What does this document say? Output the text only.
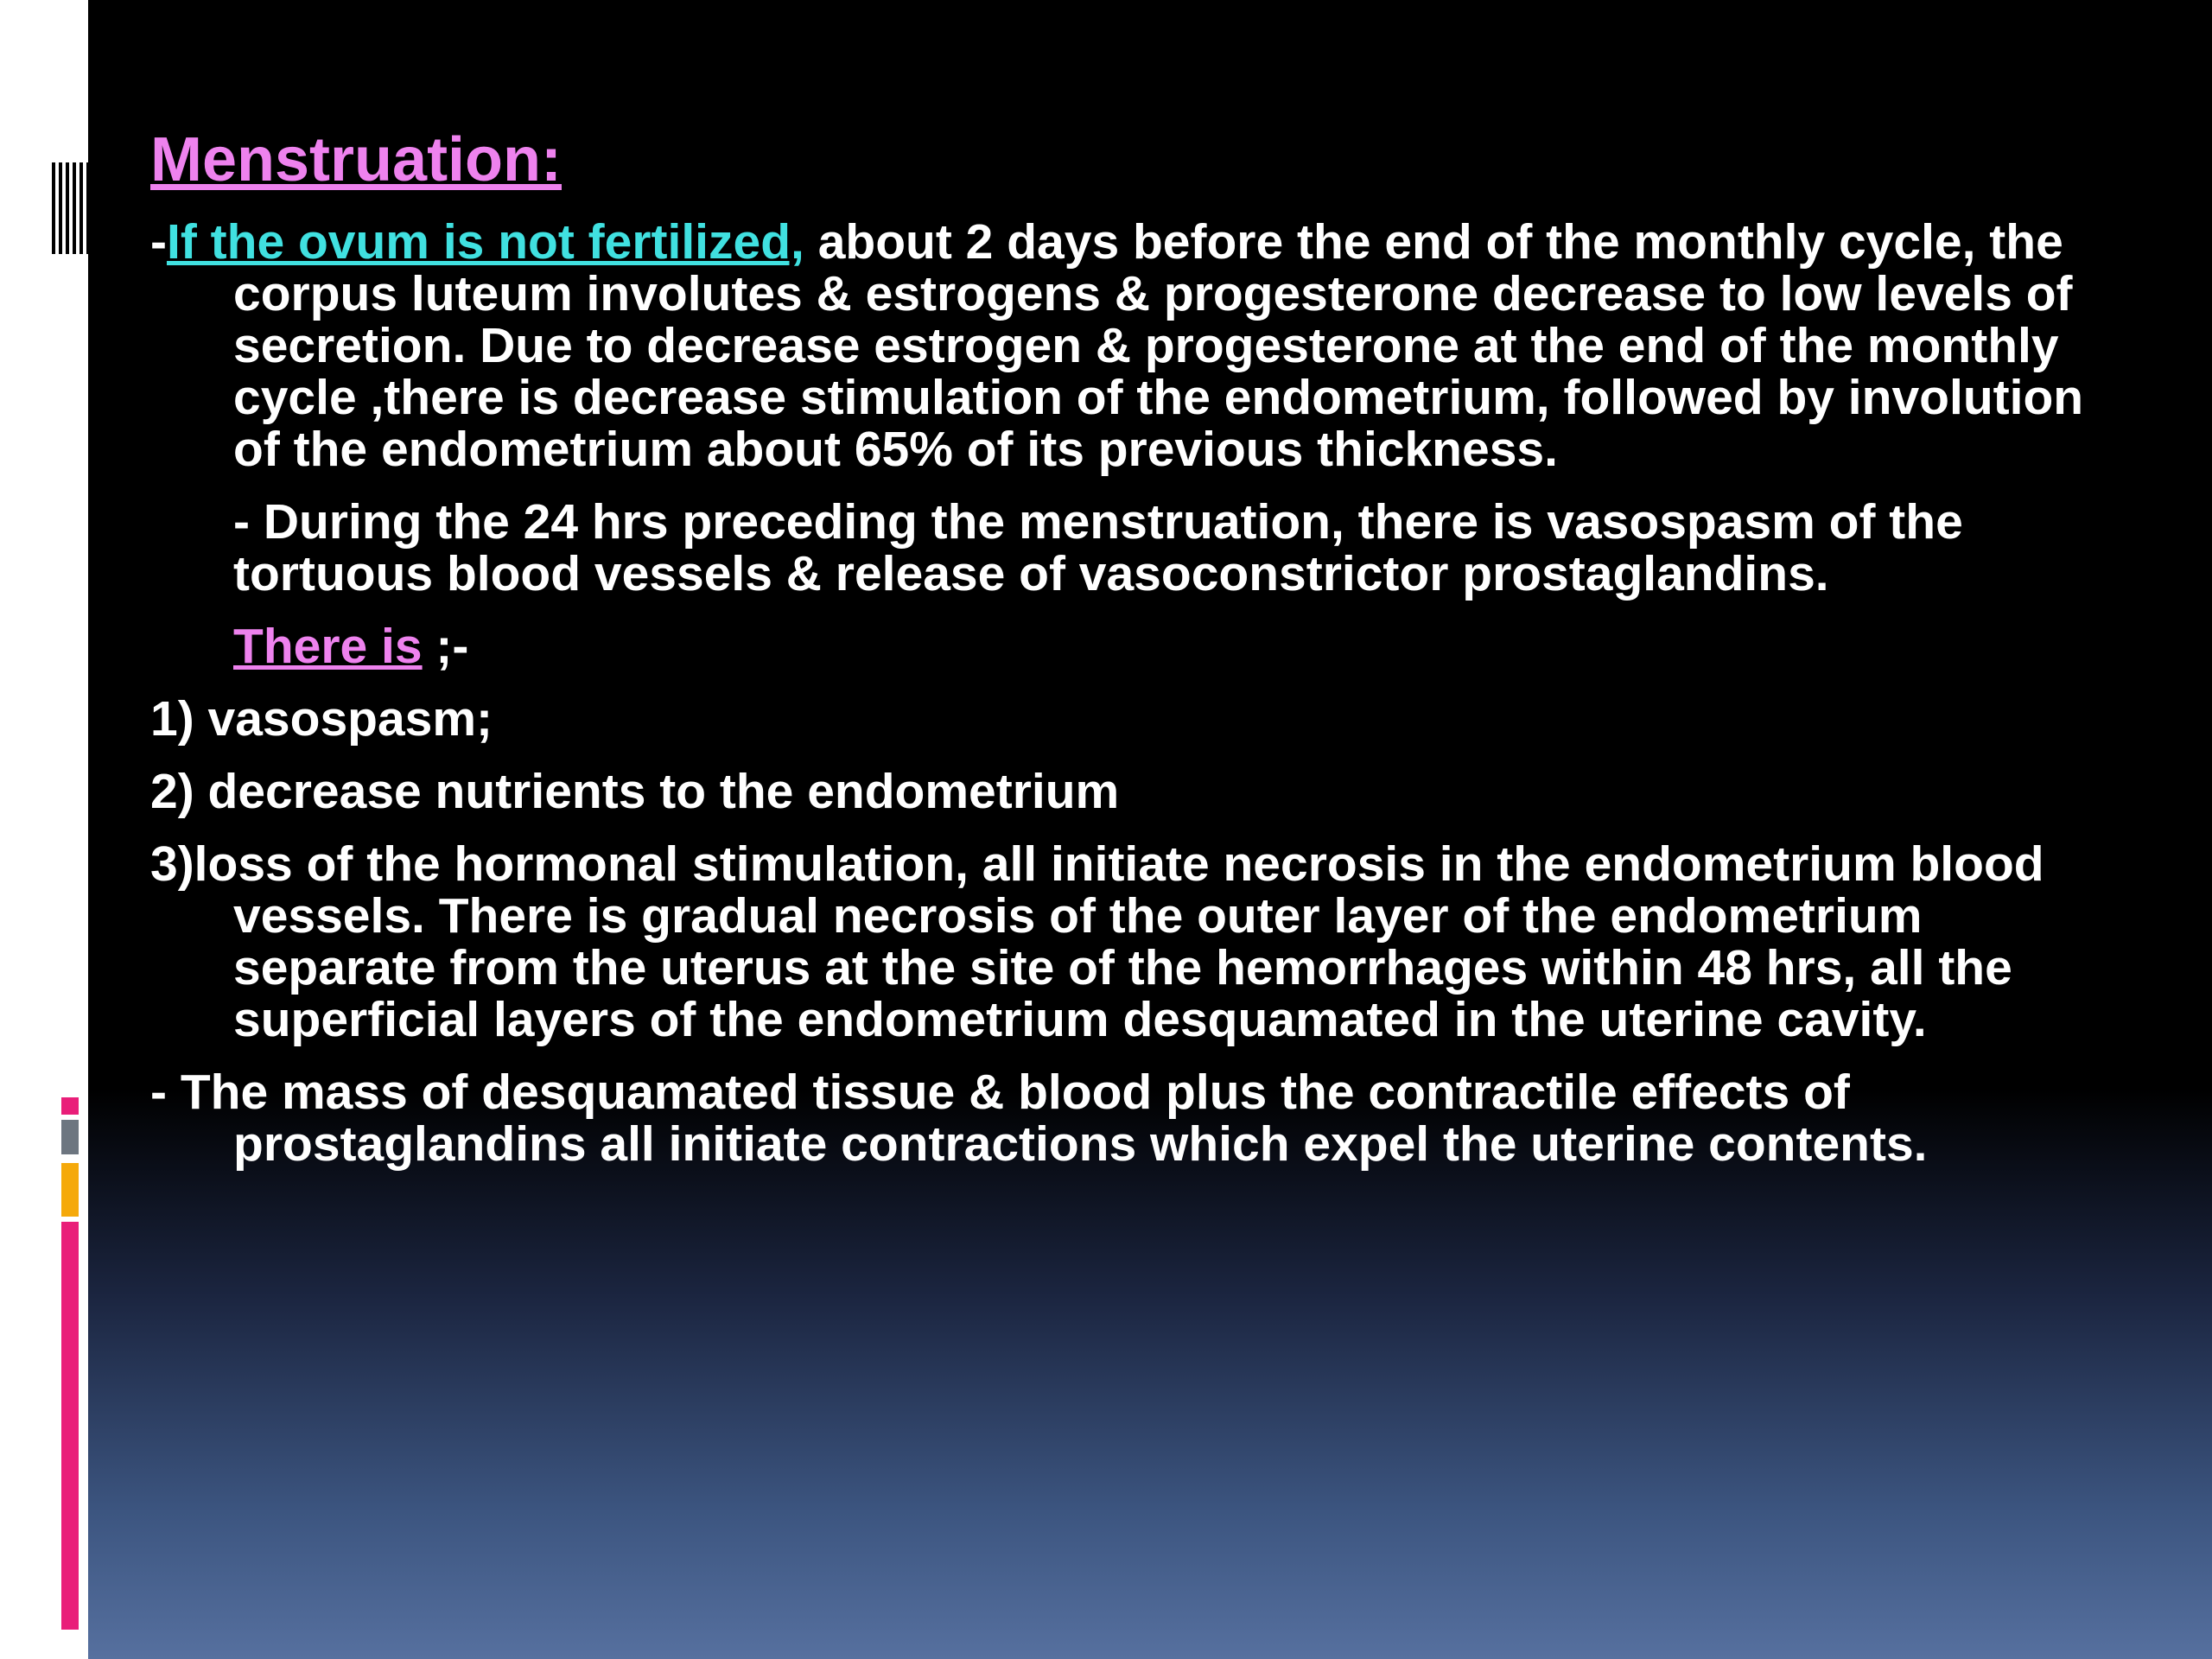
Menstruation:

-If the ovum is not fertilized, about 2 days before the end of the monthly cycle, the corpus luteum involutes & estrogens & progesterone decrease to low levels of secretion. Due to decrease estrogen & progesterone at the end of the monthly cycle ,there is decrease stimulation of the endometrium, followed by involution of the endometrium about 65% of its previous thickness.

- During the 24 hrs preceding the menstruation, there is vasospasm of the tortuous blood vessels & release of vasoconstrictor prostaglandins.

There is ;-

1) vasospasm;

2) decrease nutrients to the endometrium

3)loss of the hormonal stimulation, all initiate necrosis in the endometrium blood vessels. There is gradual necrosis of the outer layer of the endometrium separate from the uterus at the site of the hemorrhages within 48 hrs, all the superficial layers of the endometrium desquamated in the uterine cavity.

- The mass of desquamated tissue & blood plus the contractile effects of prostaglandins all initiate contractions which expel the uterine contents.
